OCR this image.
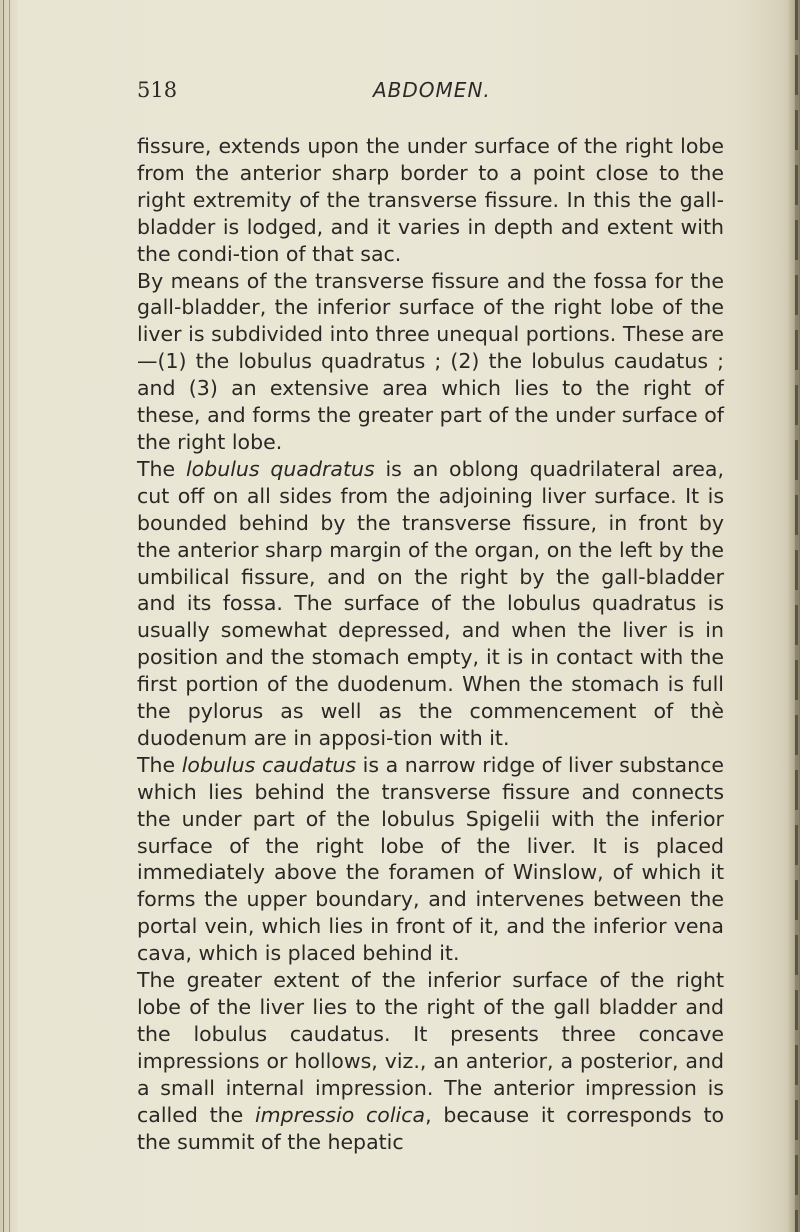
518	ABDOMEN.

fissure, extends upon the under surface of the right lobe from the anterior sharp border to a point close to the right extremity of the transverse fissure. In this the gall-bladder is lodged, and it varies in depth and extent with the condi-tion of that sac.

By means of the transverse fissure and the fossa for the gall-bladder, the inferior surface of the right lobe of the liver is subdivided into three unequal portions. These are—(1) the lobulus quadratus ; (2) the lobulus caudatus ; and (3) an extensive area which lies to the right of these, and forms the greater part of the under surface of the right lobe.

The lobulus quadratus is an oblong quadrilateral area, cut off on all sides from the adjoining liver surface. It is bounded behind by the transverse fissure, in front by the anterior sharp margin of the organ, on the left by the umbilical fissure, and on the right by the gall-bladder and its fossa. The surface of the lobulus quadratus is usually somewhat depressed, and when the liver is in position and the stomach empty, it is in contact with the first portion of the duodenum. When the stomach is full the pylorus as well as the commencement of thè duodenum are in apposi-tion with it.

The lobulus caudatus is a narrow ridge of liver substance which lies behind the transverse fissure and connects the under part of the lobulus Spigelii with the inferior surface of the right lobe of the liver. It is placed immediately above the foramen of Winslow, of which it forms the upper boundary, and intervenes between the portal vein, which lies in front of it, and the inferior vena cava, which is placed behind it.

The greater extent of the inferior surface of the right lobe of the liver lies to the right of the gall bladder and the lobulus caudatus. It presents three concave impressions or hollows, viz., an anterior, a posterior, and a small internal impression. The anterior impression is called the impressio colica, because it corresponds to the summit of the hepatic
